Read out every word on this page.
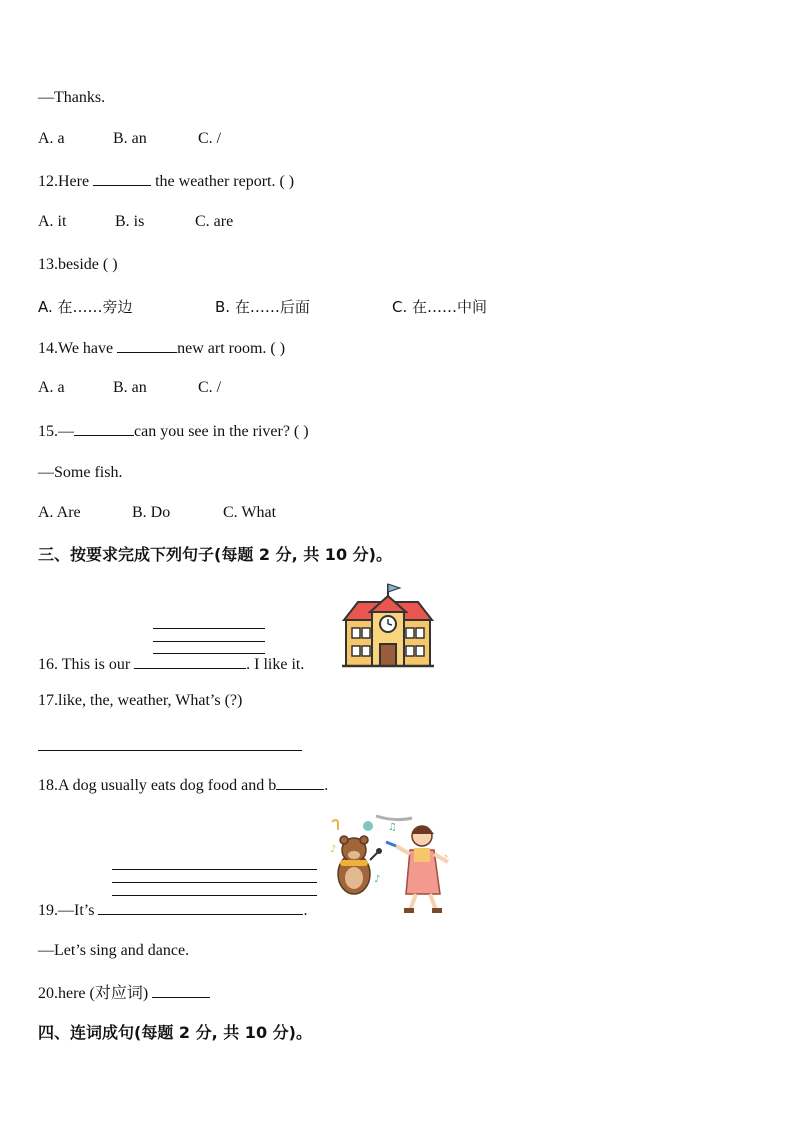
—Thanks.
A. a	B. an	C. /
12.Here	the weather report. ( )
A. it	B. is	C. are
13.beside ( )
A. 在……旁边	B. 在……后面	C. 在……中间
14.We have	new art room. ( )
A. a	B. an	C. /
15.—	can you see in the river? ( )
—Some fish.
A. Are	B. Do	C. What
三、按要求完成下列句子(每题 2 分, 共 10 分)。
16. This is our	. I like it.
17.like, the, weather, What’s (?)
18.A dog usually eats dog food and b	.
19.—It’s	.
♫
♪
♪
—Let’s sing and dance.
20.here (对应词)
四、连词成句(每题 2 分, 共 10 分)。
